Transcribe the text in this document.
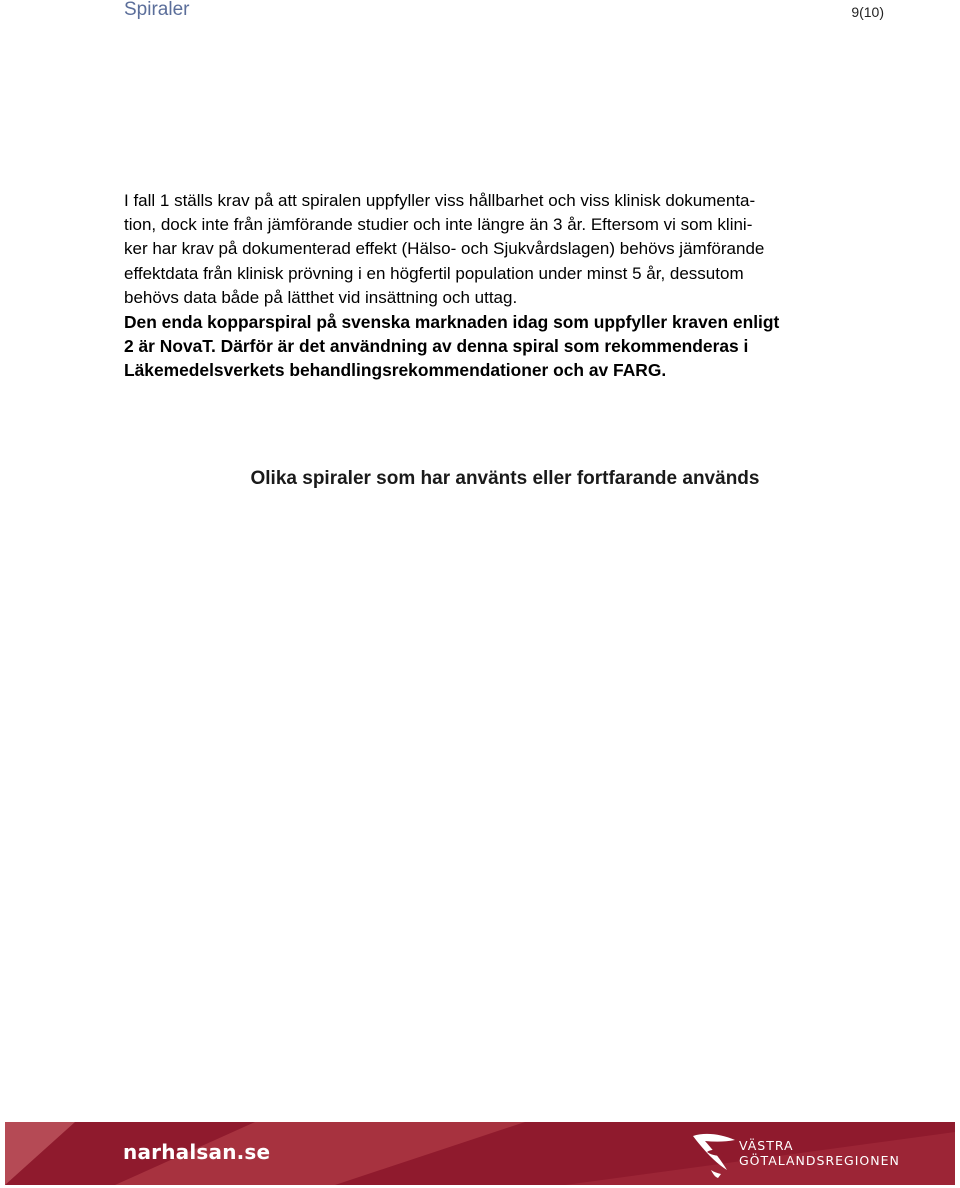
Spiraler	9(10)

I fall 1 ställs krav på att spiralen uppfyller viss hållbarhet och viss klinisk dokumenta-
tion, dock inte från jämförande studier och inte längre än 3 år. Eftersom vi som klini-
ker har krav på dokumenterad effekt (Hälso- och Sjukvårdslagen) behövs jämförande
effektdata från klinisk prövning i en högfertil population under minst 5 år, dessutom
behövs data både på lätthet vid insättning och uttag.

Den enda kopparspiral på svenska marknaden idag som uppfyller kraven enligt
2 är NovaT. Därför är det användning av denna spiral som rekommenderas i
Läkemedelsverkets behandlingsrekommendationer och av FARG.

Olika spiraler som har använts eller fortfarande används
narhalsan.se	VÄSTRA
GÖTALANDSREGIONEN
